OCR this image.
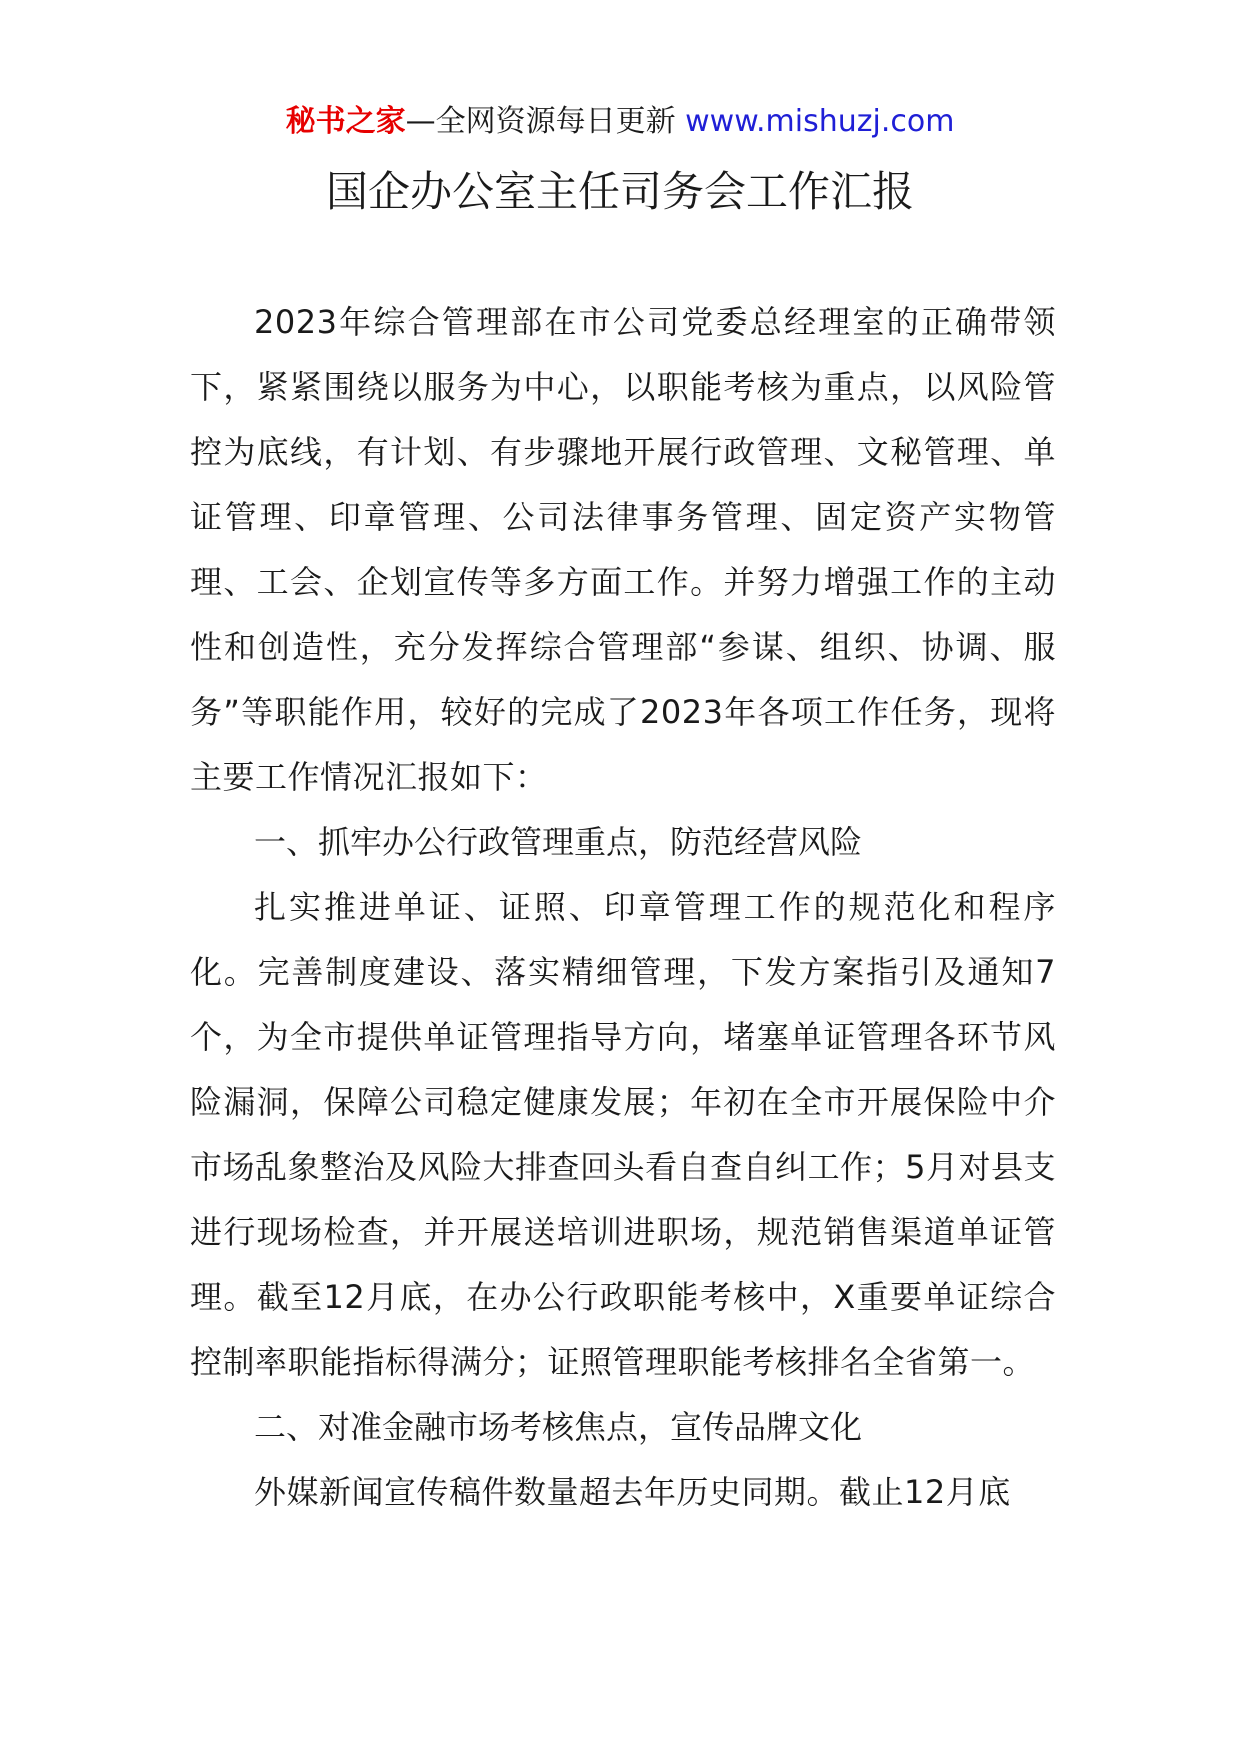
秘书之家—全网资源每日更新 www.mishuzj.com
国企办公室主任司务会工作汇报

2023年综合管理部在市公司党委总经理室的正确带领下，紧紧围绕以服务为中心，以职能考核为重点，以风险管控为底线，有计划、有步骤地开展行政管理、文秘管理、单证管理、印章管理、公司法律事务管理、固定资产实物管理、工会、企划宣传等多方面工作。并努力增强工作的主动性和创造性，充分发挥综合管理部“参谋、组织、协调、服务”等职能作用，较好的完成了2023年各项工作任务，现将主要工作情况汇报如下：

一、抓牢办公行政管理重点，防范经营风险

扎实推进单证、证照、印章管理工作的规范化和程序化。完善制度建设、落实精细管理，下发方案指引及通知7个，为全市提供单证管理指导方向，堵塞单证管理各环节风险漏洞，保障公司稳定健康发展；年初在全市开展保险中介市场乱象整治及风险大排查回头看自查自纠工作；5月对县支进行现场检查，并开展送培训进职场，规范销售渠道单证管理。截至12月底，在办公行政职能考核中，X重要单证综合控制率职能指标得满分；证照管理职能考核排名全省第一。

二、对准金融市场考核焦点，宣传品牌文化

外媒新闻宣传稿件数量超去年历史同期。截止12月底
